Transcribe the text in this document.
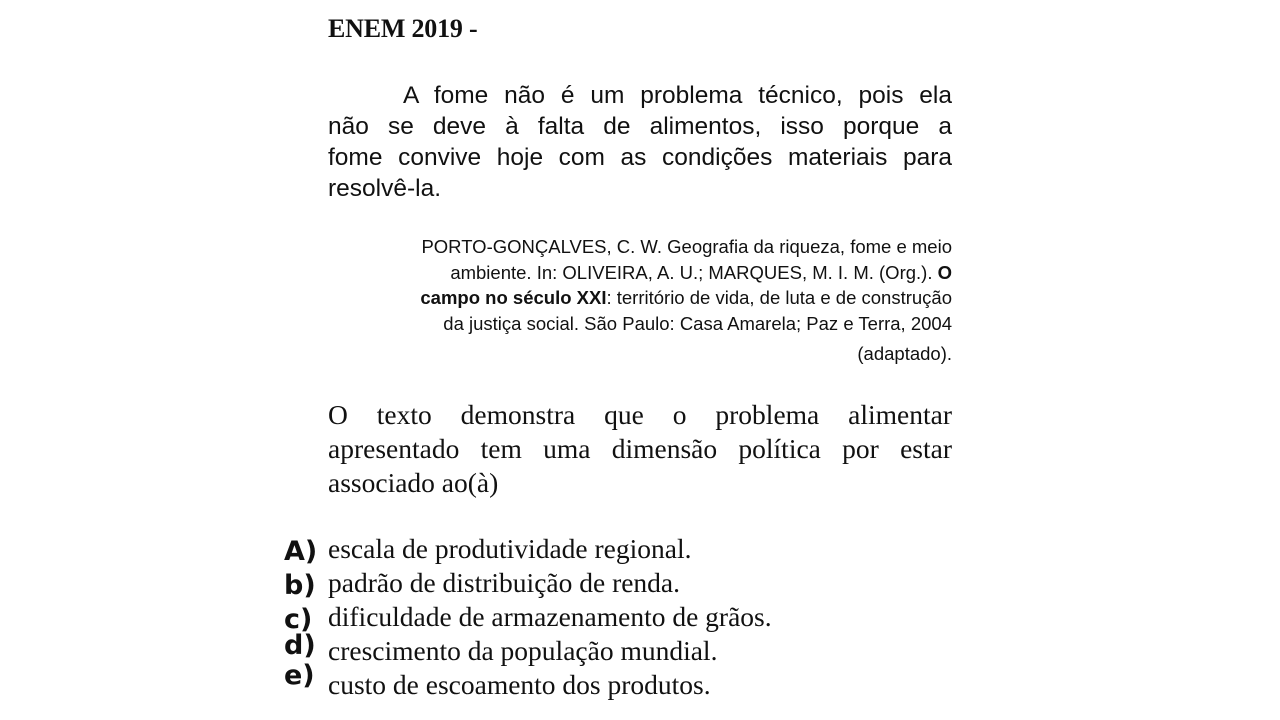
ENEM 2019 -
A fome não é um problema técnico, pois ela
não se deve à falta de alimentos, isso porque a
fome convive hoje com as condições materiais para
resolvê-la.
PORTO-GONÇALVES, C. W. Geografia da riqueza, fome e meio
ambiente. In: OLIVEIRA, A. U.; MARQUES, M. I. M. (Org.). O
campo no século XXI: território de vida, de luta e de construção
da justiça social. São Paulo: Casa Amarela; Paz e Terra, 2004
(adaptado).
O texto demonstra que o problema alimentar
apresentado tem uma dimensão política por estar
associado ao(à)
A) escala de produtividade regional.
b) padrão de distribuição de renda.
c) dificuldade de armazenamento de grãos.
d) crescimento da população mundial.
e) custo de escoamento dos produtos.
